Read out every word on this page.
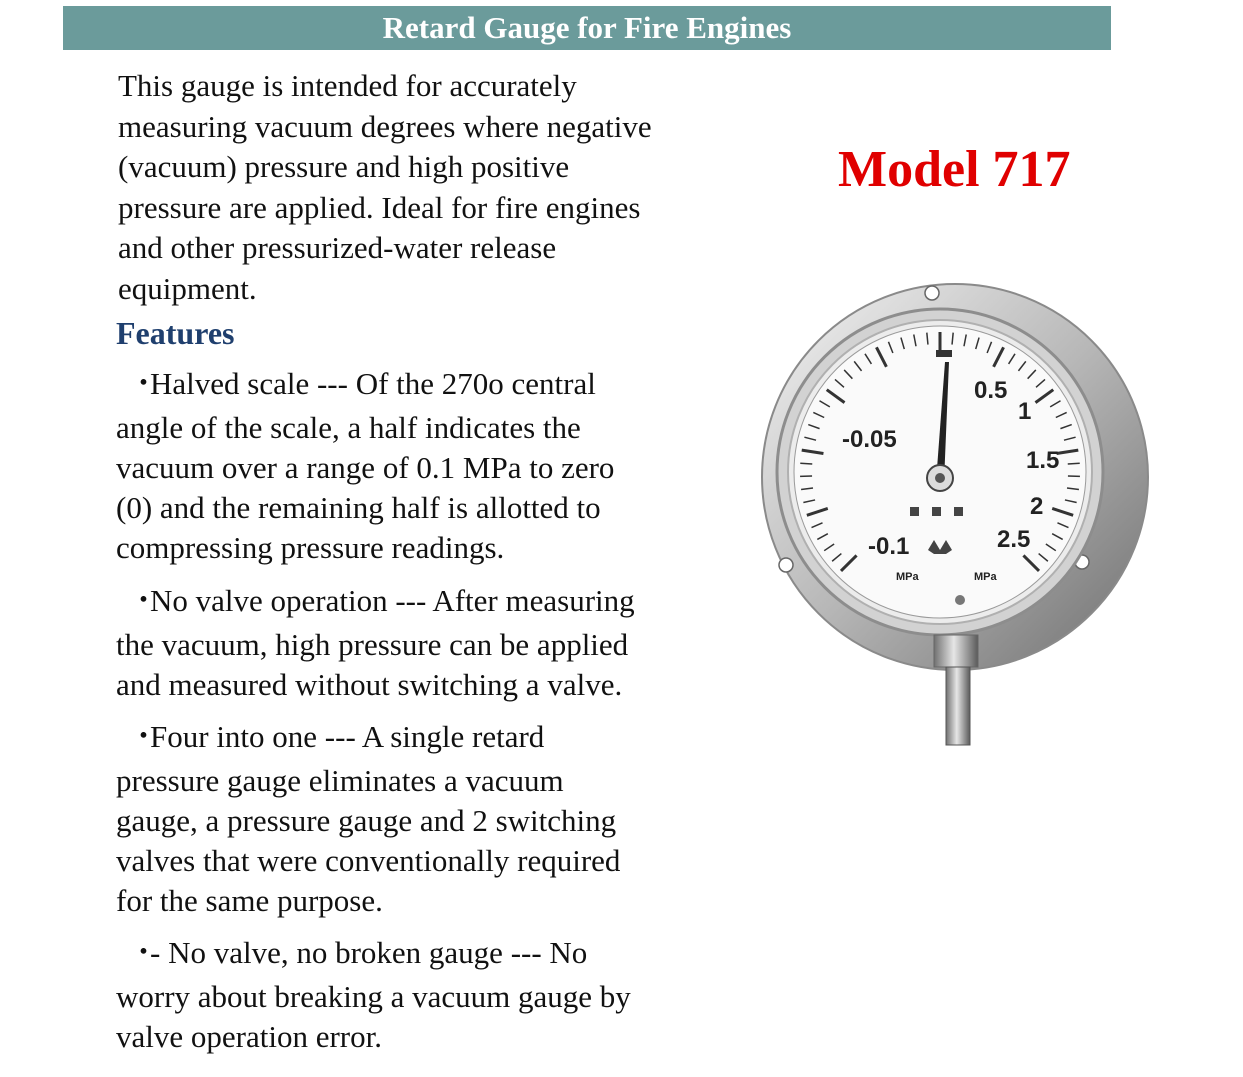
Retard Gauge for Fire Engines
This gauge is intended for accurately
measuring vacuum degrees where negative
(vacuum) pressure and high positive
pressure are applied. Ideal for fire engines
and other pressurized-water release
equipment.
Features
・Halved scale --- Of the 270o central
angle of the scale, a half indicates the
vacuum over a range of 0.1 MPa to zero
(0) and the remaining half is allotted to
compressing pressure readings.
・No valve operation --- After measuring
the vacuum, high pressure can be applied
and measured without switching a valve.
・Four into one --- A single retard
pressure gauge eliminates a vacuum
gauge, a pressure gauge and 2 switching
valves that were conventionally required
for the same purpose.
・- No valve, no broken gauge --- No
worry about breaking a vacuum gauge by
valve operation error.
Model 717
0.5
1
1.5
2
2.5
-0.05
-0.1
MPa	MPa
